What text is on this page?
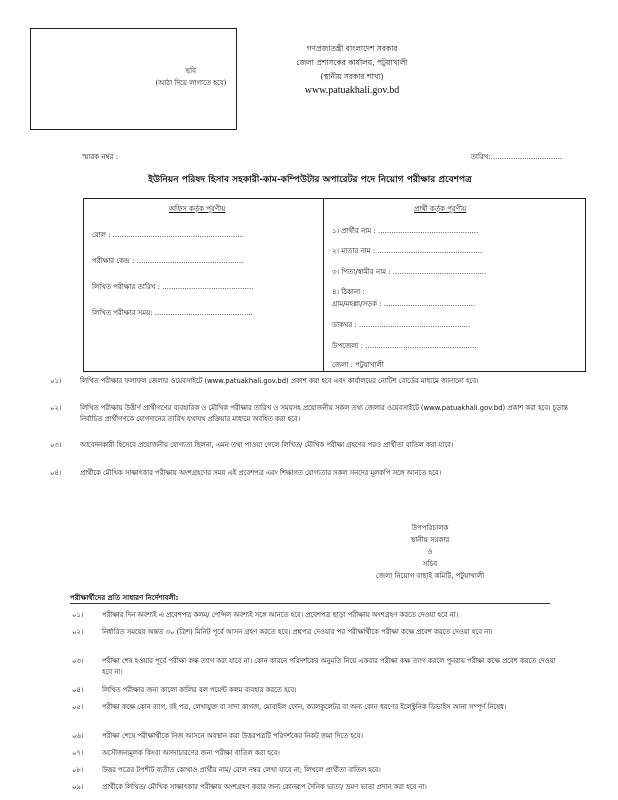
ছবি
(আঠা দিয়ে লাগাতে হবে)
গণপ্রজাতন্ত্রী বাংলাদেশ সরকার
জেলা প্রশাসকের কার্যালয়, পটুয়াখালী
(স্থানীয় সরকার শাখা)
www.patuakhali.gov.bd
স্মারক নম্বর :	তারিখ:................................
ইউনিয়ন পরিষদ হিসাব সহকারী-কাম-কম্পিউটার অপারেটর পদে নিয়োগ পরীক্ষার প্রবেশপত্র
অফিস কর্তৃক পূরণীয়	প্রার্থী কর্তৃক পূরণীয়
রোল : ...........................................................
পরীক্ষার কেন্দ্র : ................................................
লিখিত পরীক্ষার তারিখ : .........................................
লিখিত পরীক্ষার সময়: ............................................
১। প্রার্থীর নাম : .............................................
২। মাতার নাম : ...............................................
৩। পিতা/স্বামীর নাম : ..........................................
৪। ঠিকানা :
গ্রাম/মহল্লা/সড়ক : .........................................
ডাকঘর : ..................................................
উপজেলা : ..................................................
জেলা : পটুয়াখালী
০১।	লিখিত পরীক্ষার ফলাফল জেলার ওয়েবসাইটে (www.patuakhali.gov.bd) প্রকাশ করা হবে এবং কার্যালয়ের নোটিশ বোর্ডের মাধ্যমে জানানো হবে।
০২।	লিখিত পরীক্ষায় উত্তীর্ণ প্রার্থীগণের ব্যবহারিক ও মৌখিক পরীক্ষার তারিখ ও সময়সহ প্রয়োজনীয় সকল তথ্য জেলার ওয়েবসাইটে (www.patuakhali.gov.bd) প্রকাশ করা হবে। চূড়ান্ত নির্বাচিত প্রার্থীগণকে যোগদানের তারিখ যথাযথ প্রক্রিয়ার মাধ্যমে অবহিত করা হবে।
০৩।	আবেদনকারী হিসেবে প্রয়োজনীয় যোগ্যতা ছিলনা, এমন তথ্য পাওয়া গেলে লিখিত/ মৌখিক পরীক্ষা গ্রহণের পরও প্রার্থীতা বাতিল করা যাবে।
০৪।	প্রার্থীকে মৌখিক সাক্ষাৎকার পরীক্ষায় অংশগ্রহণের সময় এই প্রবেশপত্র এবং শিক্ষাগত যোগ্যতার সকল সনদের মূলকপি সঙ্গে আনতে হবে।
উপপরিচালক
স্থানীয় সরকার
ও
সচিব
জেলা নিয়োগ বাছাই কমিটি, পটুয়াখালী
পরীক্ষার্থীদের প্রতি সাধারণ নির্দেশাবলী:
০১।	পরীক্ষার দিন অবশ্যই এ প্রবেশপত্র কলম/ পেন্সিল অবশ্যই সঙ্গে আনতে হবে। প্রবেশপত্র ছাড়া পরীক্ষায় অংশগ্রহণ করতে দেওয়া হবে না।
০২।	নির্ধারিত সময়ের অন্তত ৩০ (ত্রিশ) মিনিট পূর্বে আসন গ্রহণ করতে হবে। প্রশ্নপত্র দেওয়ার পর পরীক্ষার্থীকে পরীক্ষা কক্ষে প্রবেশ করতে দেওয়া হবে না।
০৩।	পরীক্ষা শেষ হওয়ার পূর্বে পরীক্ষা কক্ষ ত্যাগ করা যাবে না। কোন কারনে পরিদর্শকের অনুমতি নিয়ে একবার পরীক্ষা কক্ষ ত্যাগ করলে পুনরায় পরীক্ষা কক্ষে প্রবেশ করতে দেওয়া হবে না।
০৪।	লিখিত পরীক্ষার জন্য কালো কালির বল পয়েন্ট কলম ব্যবহার করতে হবে।
০৫।	পরীক্ষা কক্ষে কোন ব্যাগ, বই পত্র, লেখাযুক্ত বা সাদা কাগজ, মোবাইল ফোন, ক্যালকুলেটর বা অন্য কোন ধরণের ইলেক্ট্রনিক ডিভাইস আনা সম্পূর্ণ নিষেধ।
০৬।	পরীক্ষা শেষে পরীক্ষার্থীকে নিজ আসনে অবস্থান করা উত্তরপত্রটি পরিদর্শকের নিকট জমা দিতে হবে।
০৭।	অসৌজন্যমূলক কিংবা অসদাচারণের জন্য পরীক্ষা বাতিল করা হবে।
০৮।	উত্তর পত্রের টপশীট ব্যতীত কোথাও প্রার্থীর নাম/ রোল নম্বর লেখা যাবে না; লিখলে প্রার্থীতা বাতিল হবে।
০৯।	প্রার্থীকে লিখিত/ মৌখিক সাক্ষাৎকার পরীক্ষায় অংশগ্রহণ করার জন্য কোনরূপ দৈনিক ভাতা/ ভ্রমণ ভাতা প্রদান করা হবে না।
